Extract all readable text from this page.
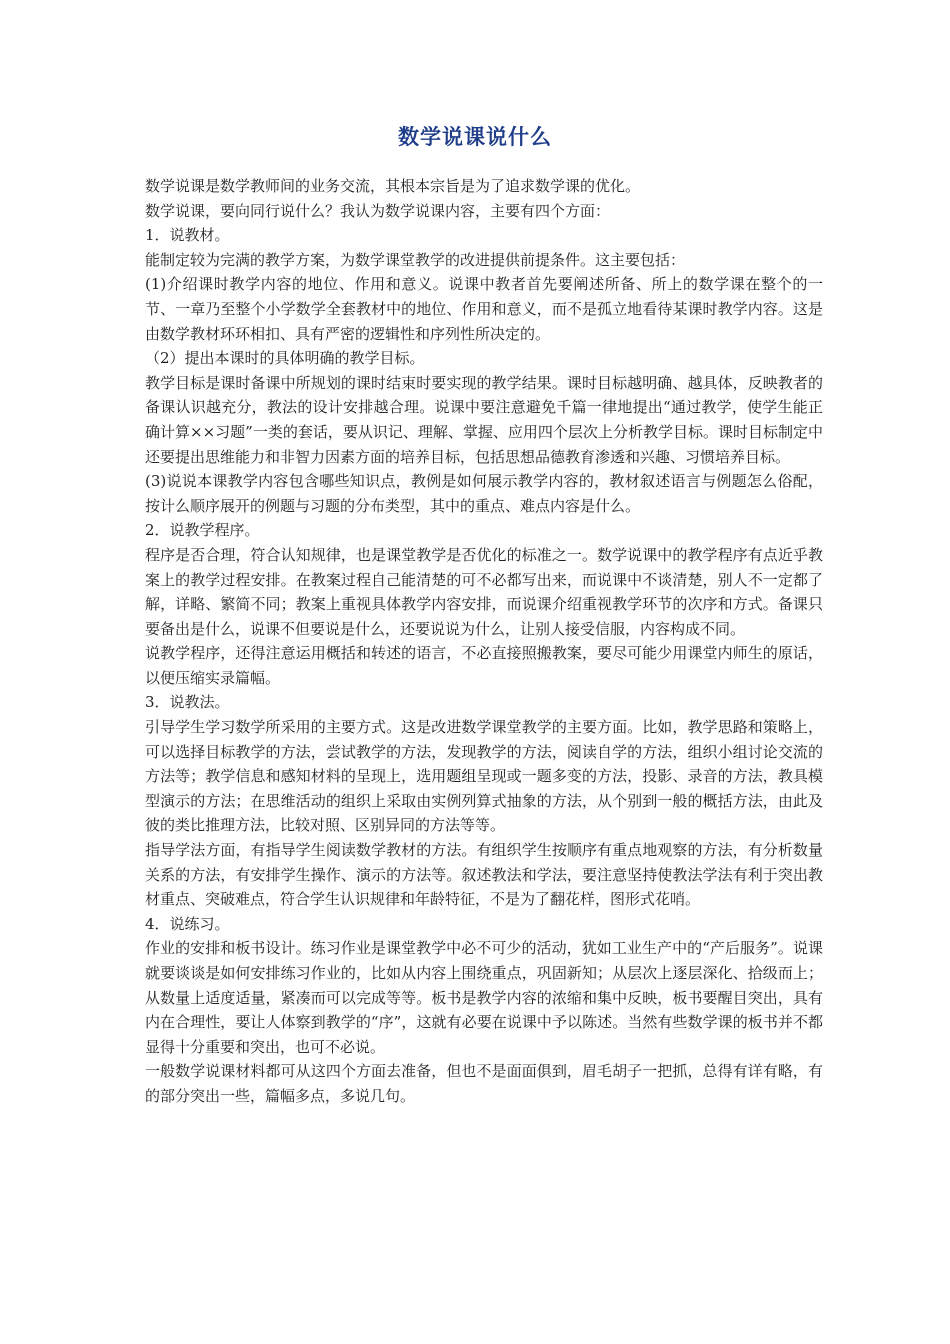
数学说课说什么

数学说课是数学教师间的业务交流，其根本宗旨是为了追求数学课的优化。

数学说课，要向同行说什么？我认为数学说课内容，主要有四个方面：

1．说教材。

能制定较为完满的教学方案，为数学课堂教学的改进提供前提条件。这主要包括：

(1)介绍课时教学内容的地位、作用和意义。说课中教者首先要阐述所备、所上的数学课在整个的一节、一章乃至整个小学数学全套教材中的地位、作用和意义，而不是孤立地看待某课时教学内容。这是由数学教材环环相扣、具有严密的逻辑性和序列性所决定的。

（2）提出本课时的具体明确的教学目标。

教学目标是课时备课中所规划的课时结束时要实现的教学结果。课时目标越明确、越具体，反映教者的备课认识越充分，教法的设计安排越合理。说课中要注意避免千篇一律地提出“通过教学，使学生能正确计算××习题”一类的套话，要从识记、理解、掌握、应用四个层次上分析教学目标。课时目标制定中还要提出思维能力和非智力因素方面的培养目标，包括思想品德教育渗透和兴趣、习惯培养目标。

(3)说说本课教学内容包含哪些知识点，教例是如何展示教学内容的，教材叙述语言与例题怎么俗配，按计么顺序展开的例题与习题的分布类型，其中的重点、难点内容是什么。

2．说教学程序。

程序是否合理，符合认知规律，也是课堂教学是否优化的标准之一。数学说课中的教学程序有点近乎教案上的教学过程安排。在教案过程自己能清楚的可不必都写出来，而说课中不谈清楚，别人不一定都了解，详略、繁简不同；教案上重视具体教学内容安排，而说课介绍重视教学环节的次序和方式。备课只要备出是什么，说课不但要说是什么，还要说说为什么，让别人接受信服，内容构成不同。

说教学程序，还得注意运用概括和转述的语言，不必直接照搬教案，要尽可能少用课堂内师生的原话，以便压缩实录篇幅。

3．说教法。

引导学生学习数学所采用的主要方式。这是改进数学课堂教学的主要方面。比如，教学思路和策略上，可以选择目标教学的方法，尝试教学的方法，发现教学的方法，阅读自学的方法，组织小组讨论交流的方法等；教学信息和感知材料的呈现上，选用题组呈现或一题多变的方法，投影、录音的方法，教具模型演示的方法；在思维活动的组织上采取由实例列算式抽象的方法，从个别到一般的概括方法，由此及彼的类比推理方法，比较对照、区别异同的方法等等。

指导学法方面，有指导学生阅读数学教材的方法。有组织学生按顺序有重点地观察的方法，有分析数量关系的方法，有安排学生操作、演示的方法等。叙述教法和学法，要注意坚持使教法学法有利于突出教材重点、突破难点，符合学生认识规律和年龄特征，不是为了翻花样，图形式花哨。

4．说练习。

作业的安排和板书设计。练习作业是课堂教学中必不可少的活动，犹如工业生产中的“产后服务”。说课就要谈谈是如何安排练习作业的，比如从内容上围绕重点，巩固新知；从层次上逐层深化、拾级而上；从数量上适度适量，紧凑而可以完成等等。板书是教学内容的浓缩和集中反映，板书要醒目突出，具有内在合理性，要让人体察到教学的“序”，这就有必要在说课中予以陈述。当然有些数学课的板书并不都显得十分重要和突出，也可不必说。

一般数学说课材料都可从这四个方面去准备，但也不是面面俱到，眉毛胡子一把抓，总得有详有略，有的部分突出一些，篇幅多点，多说几句。
